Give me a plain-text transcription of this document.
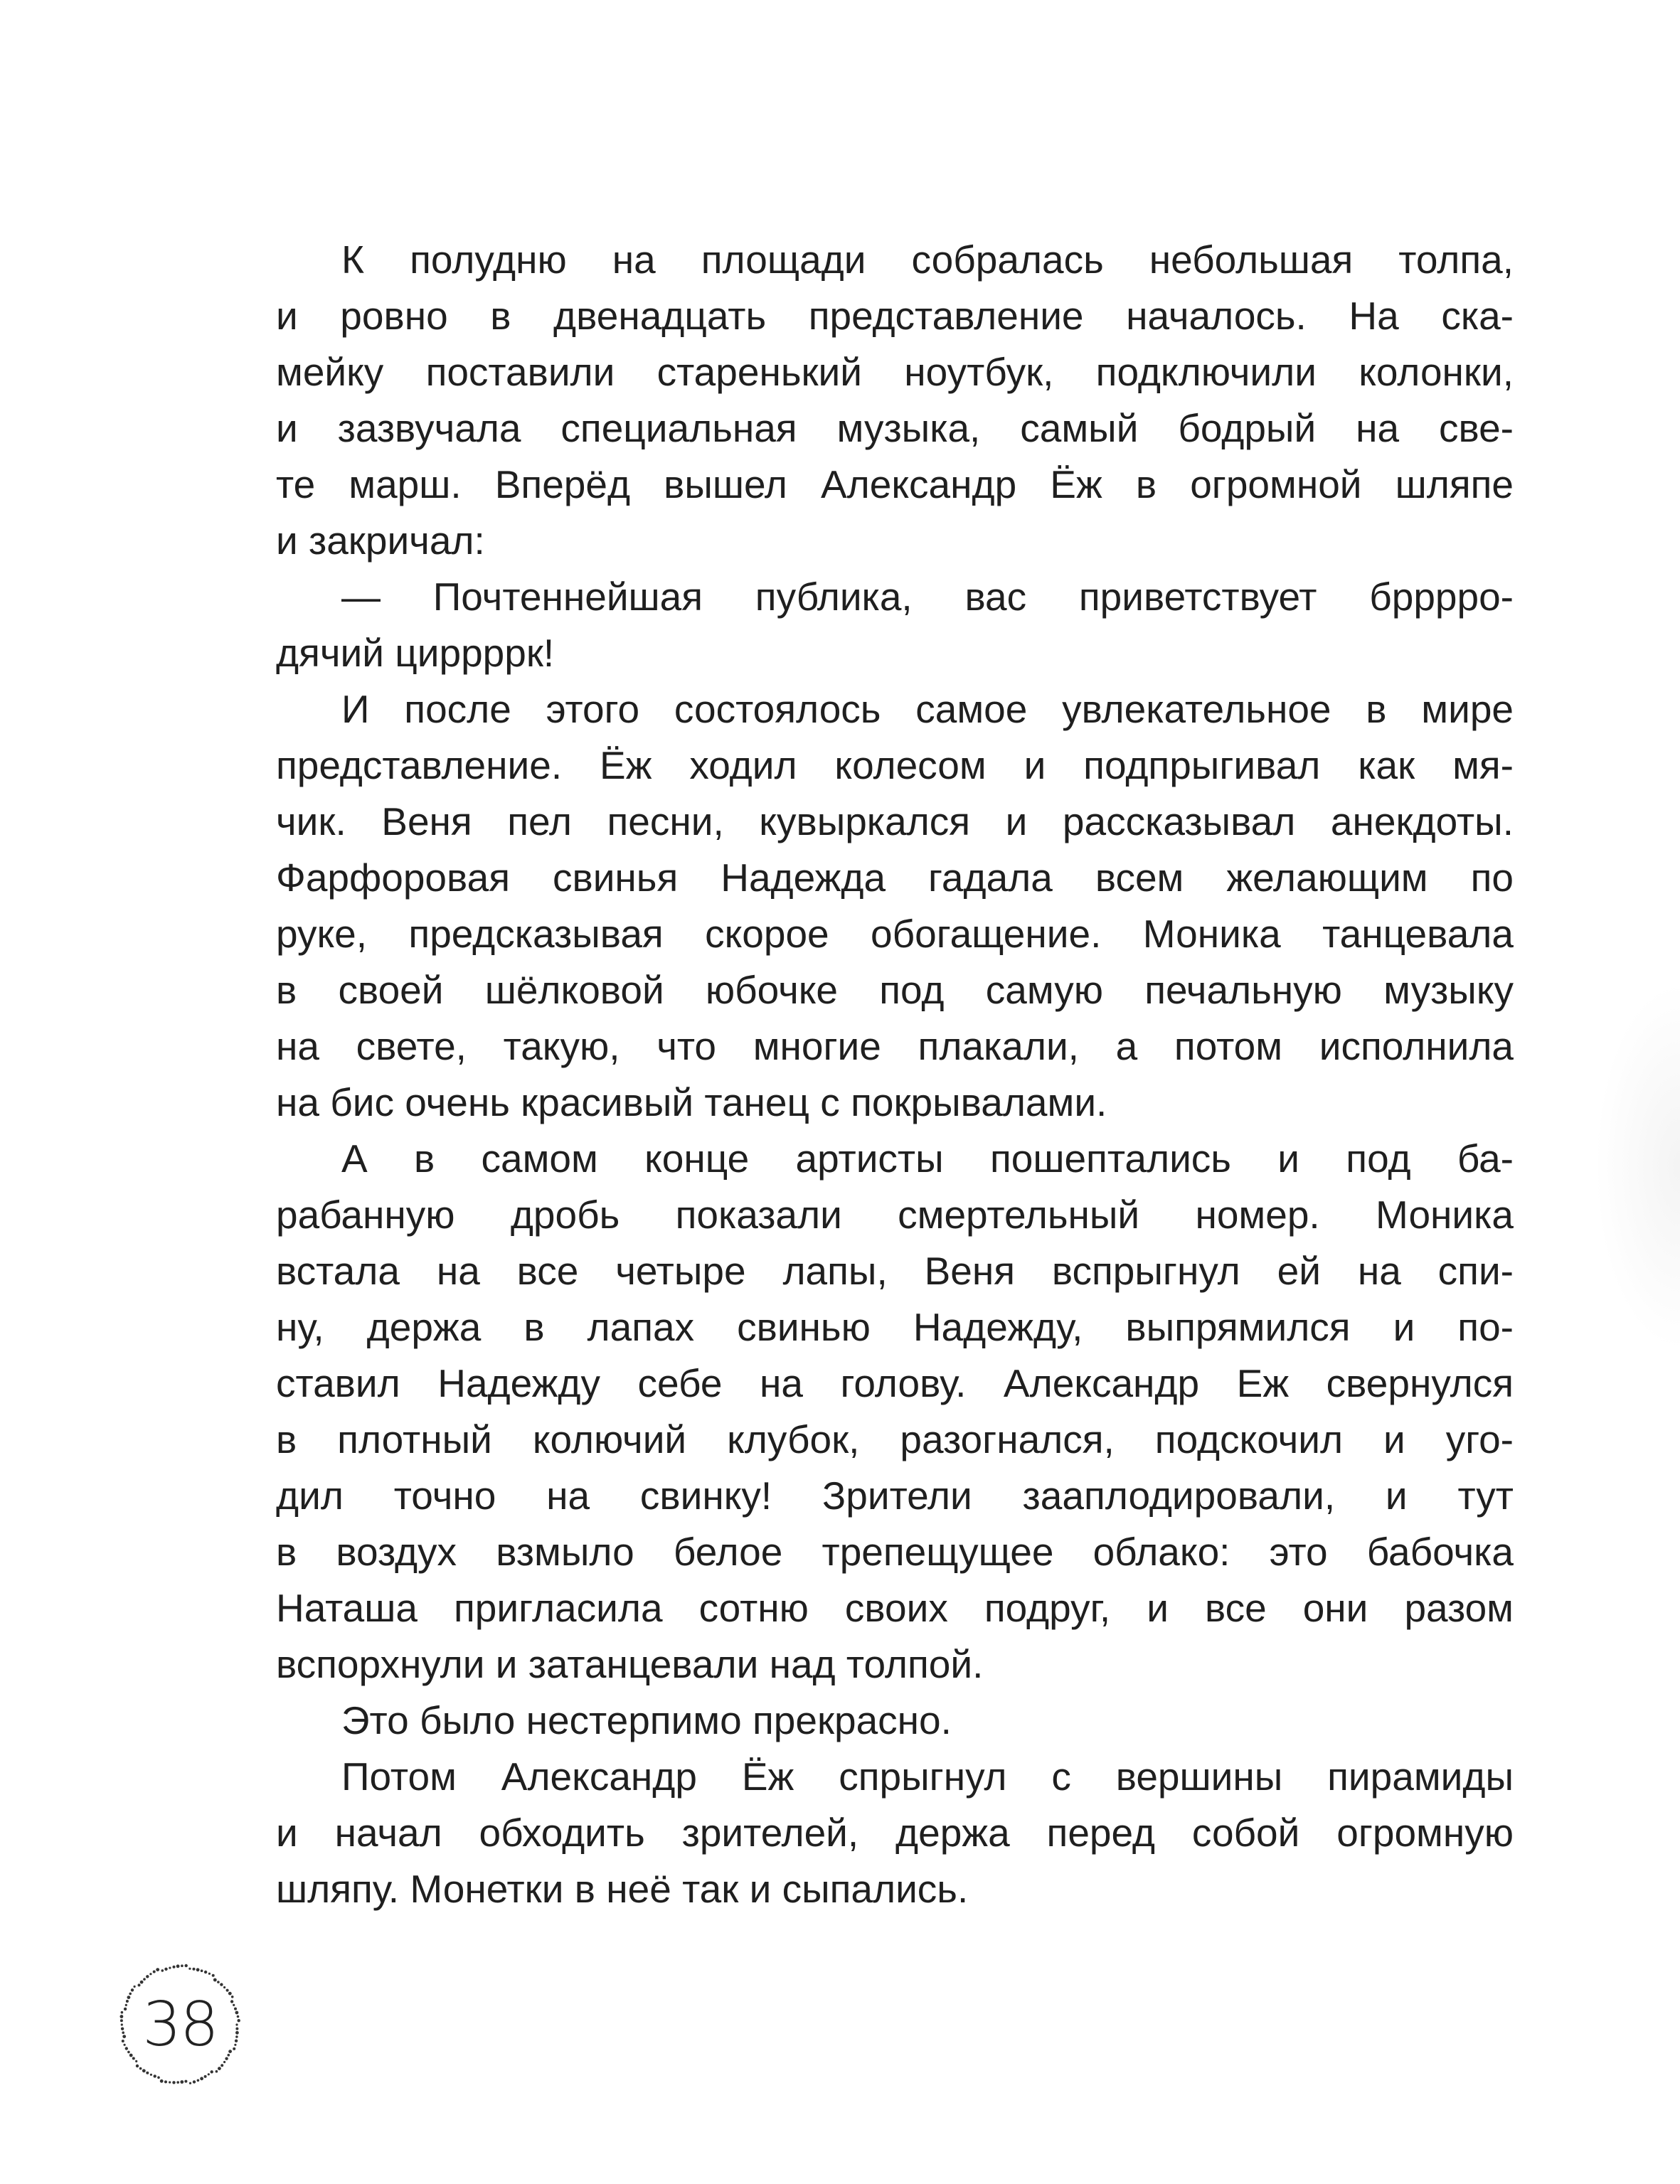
К полудню на площади собралась небольшая толпа,
и ровно в двенадцать представление началось. На ска-
мейку поставили старенький ноутбук, подключили колонки,
и зазвучала специальная музыка, самый бодрый на све-
те марш. Вперёд вышел Александр Ёж в огромной шляпе
и закричал:
— Почтеннейшая публика, вас приветствует брррро-
дячий циррррк!
И после этого состоялось самое увлекательное в мире
представление. Ёж ходил колесом и подпрыгивал как мя-
чик. Веня пел песни, кувыркался и рассказывал анекдоты.
Фарфоровая свинья Надежда гадала всем желающим по
руке, предсказывая скорое обогащение. Моника танцевала
в своей шёлковой юбочке под самую печальную музыку
на свете, такую, что многие плакали, а потом исполнила
на бис очень красивый танец с покрывалами.
А в самом конце артисты пошептались и под ба-
рабанную дробь показали смертельный номер. Моника
встала на все четыре лапы, Веня вспрыгнул ей на спи-
ну, держа в лапах свинью Надежду, выпрямился и по-
ставил Надежду себе на голову. Александр Еж свернулся
в плотный колючий клубок, разогнался, подскочил и уго-
дил точно на свинку! Зрители зааплодировали, и тут
в воздух взмыло белое трепещущее облако: это бабочка
Наташа пригласила сотню своих подруг, и все они разом
вспорхнули и затанцевали над толпой.
Это было нестерпимо прекрасно.
Потом Александр Ёж спрыгнул с вершины пирамиды
и начал обходить зрителей, держа перед собой огромную
шляпу. Монетки в неё так и сыпались.
38
